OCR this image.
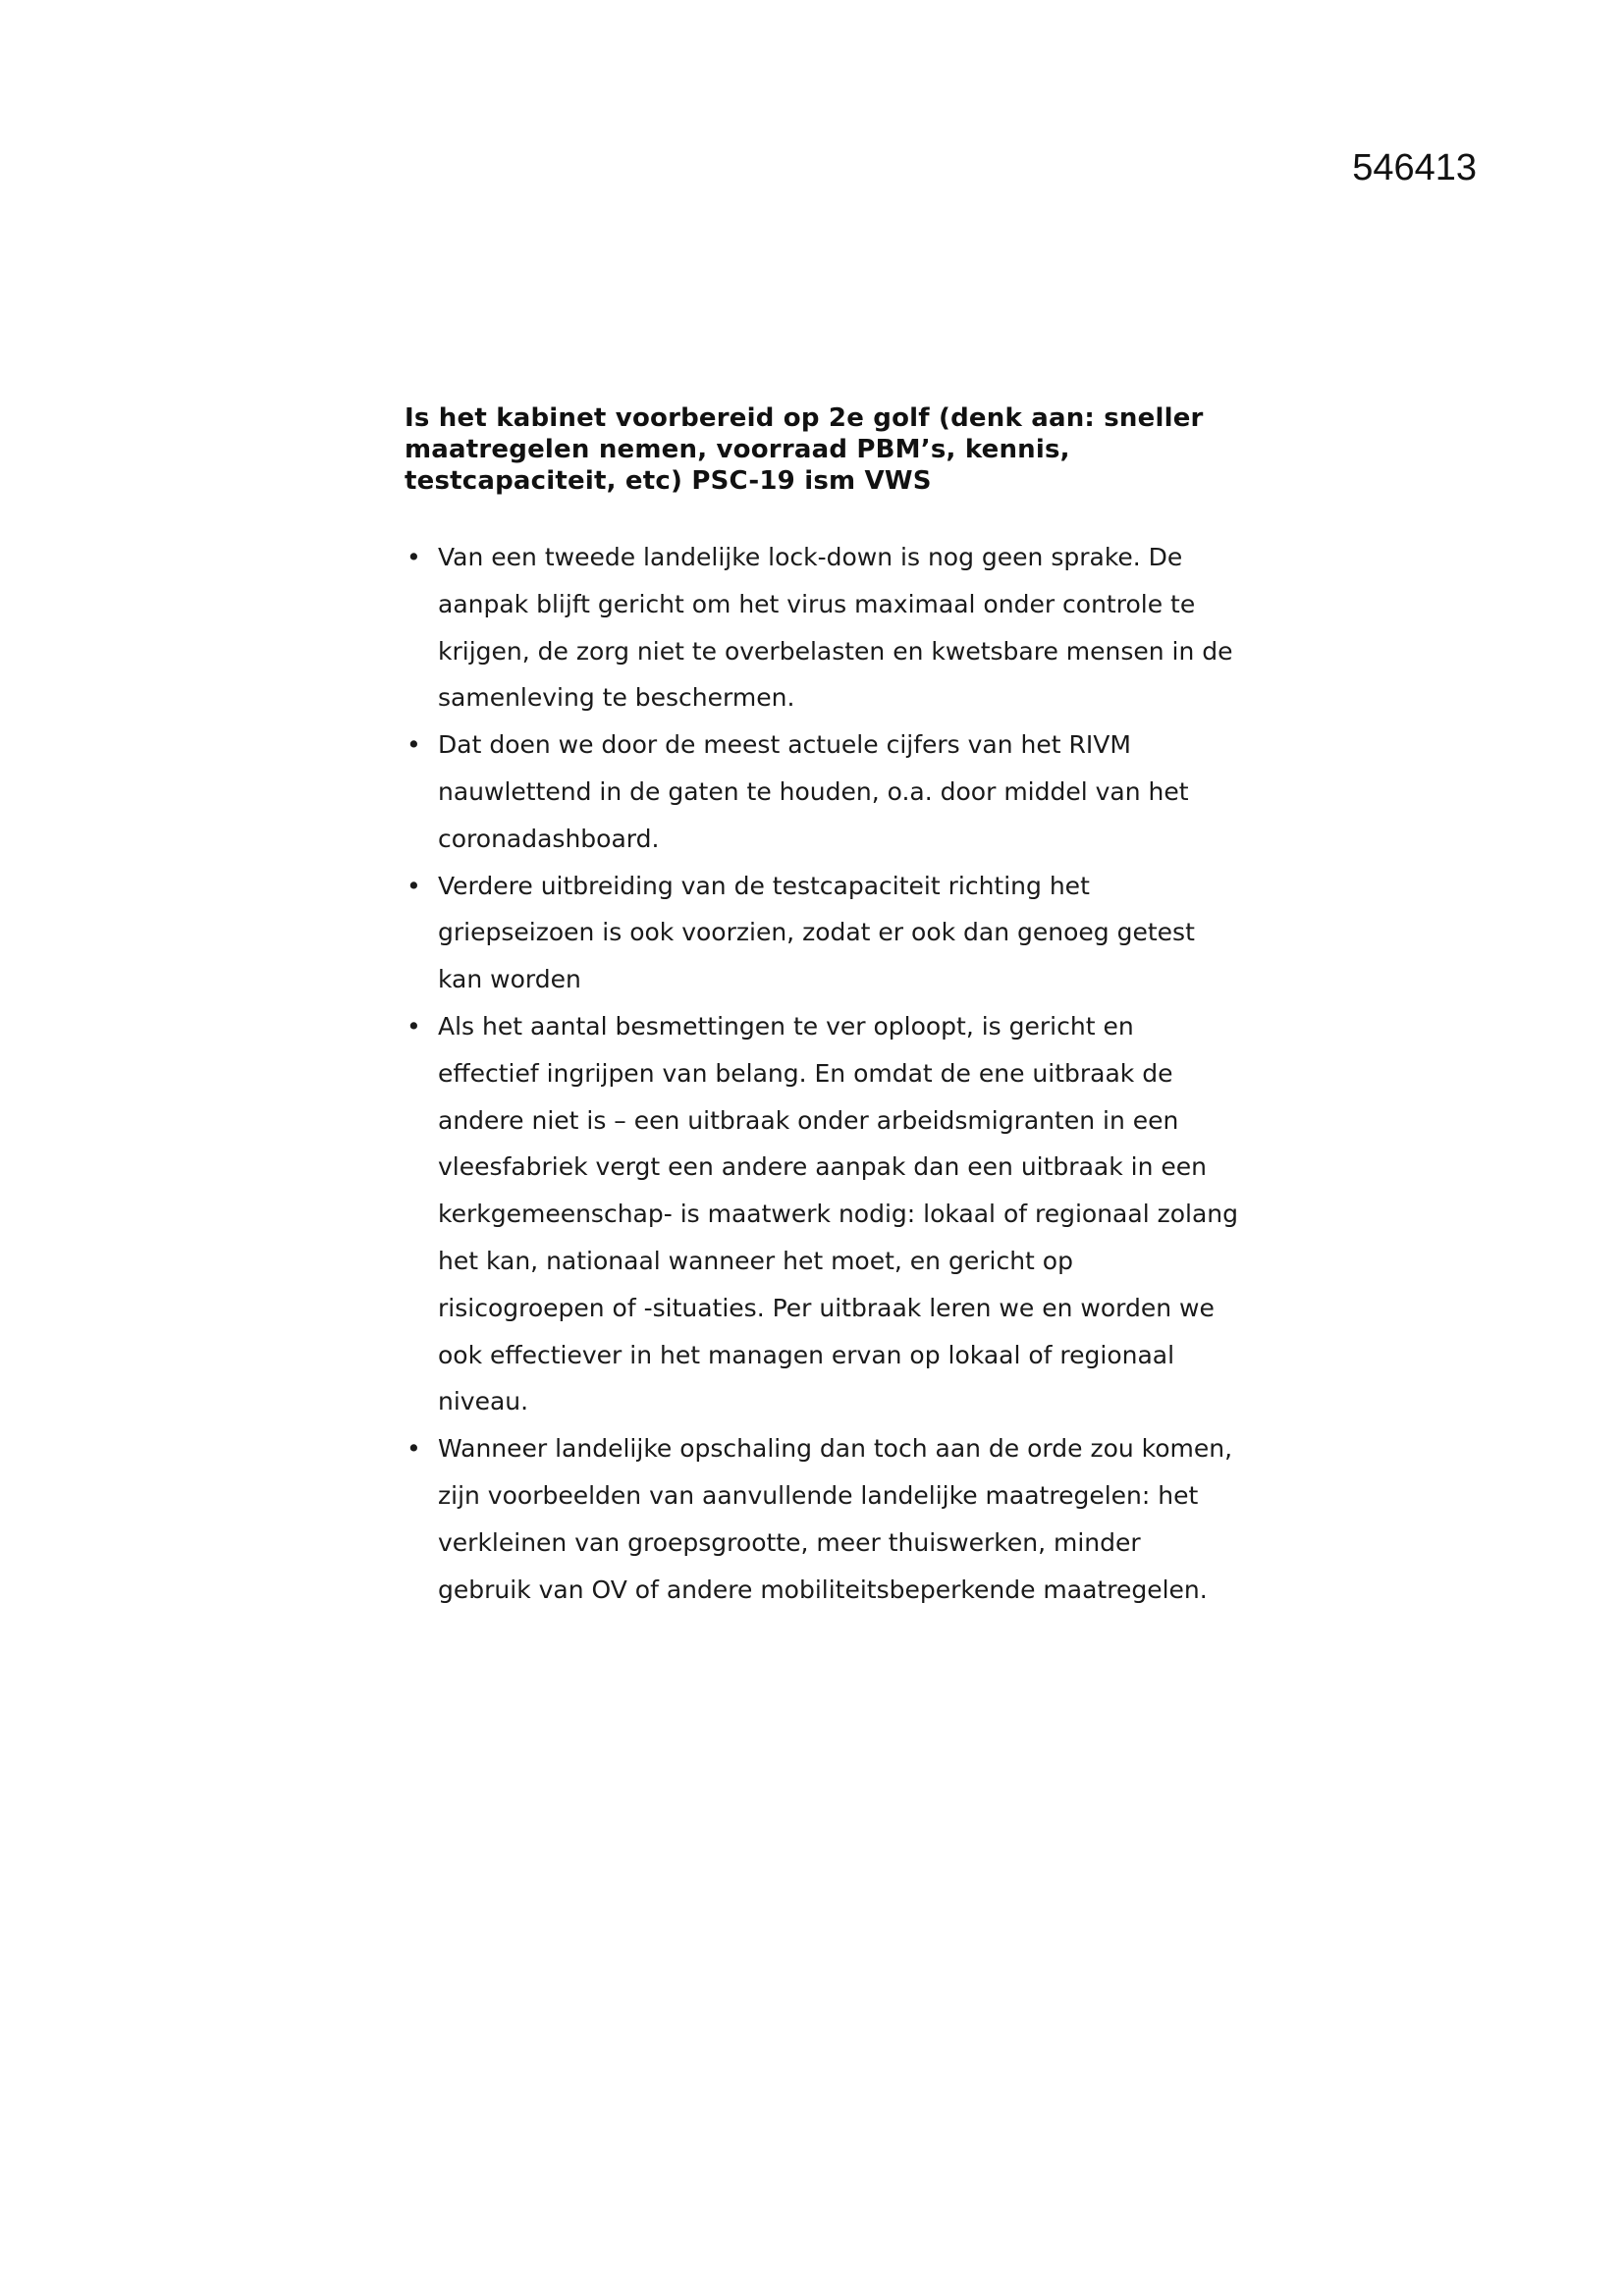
546413
Is het kabinet voorbereid op 2e golf (denk aan: sneller maatregelen nemen, voorraad PBM’s, kennis, testcapaciteit, etc) PSC-19 ism VWS
• Van een tweede landelijke lock-down is nog geen sprake. De aanpak blijft gericht om het virus maximaal onder controle te krijgen, de zorg niet te overbelasten en kwetsbare mensen in de samenleving te beschermen.
• Dat doen we door de meest actuele cijfers van het RIVM nauwlettend in de gaten te houden, o.a. door middel van het coronadashboard.
• Verdere uitbreiding van de testcapaciteit richting het griepseizoen is ook voorzien, zodat er ook dan genoeg getest kan worden
• Als het aantal besmettingen te ver oploopt, is gericht en effectief ingrijpen van belang. En omdat de ene uitbraak de andere niet is – een uitbraak onder arbeidsmigranten in een vleesfabriek vergt een andere aanpak dan een uitbraak in een kerkgemeenschap- is maatwerk nodig: lokaal of regionaal zolang het kan, nationaal wanneer het moet, en gericht op risicogroepen of -situaties. Per uitbraak leren we en worden we ook effectiever in het managen ervan op lokaal of regionaal niveau.
• Wanneer landelijke opschaling dan toch aan de orde zou komen, zijn voorbeelden van aanvullende landelijke maatregelen: het verkleinen van groepsgrootte, meer thuiswerken, minder gebruik van OV of andere mobiliteitsbeperkende maatregelen.
